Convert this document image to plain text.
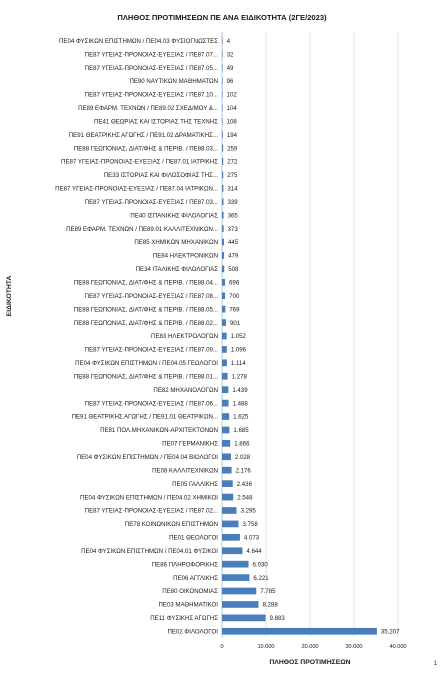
ΠΛΗΘΟΣ ΠΡΟΤΙΜΗΣΕΩΝ ΠΕ ΑΝΑ ΕΙΔΙΚΟΤΗΤΑ (2ΓΕ/2023)
ΠΕ04 ΦΥΣΙΚΩΝ ΕΠΙΣΤΗΜΩΝ / ΠΕ04.03 ΦΥΣΙΟΓΝΩΣΤΕΣ
ΠΕ87 ΥΓΕΙΑΣ-ΠΡΟΝΟΙΑΣ-ΕΥΕΞΙΑΣ / ΠΕ87.07...
ΠΕ87 ΥΓΕΙΑΣ-ΠΡΟΝΟΙΑΣ-ΕΥΕΞΙΑΣ / ΠΕ87.05...
ΠΕ90 ΝΑΥΤΙΚΩΝ ΜΑΘΗΜΑΤΩΝ
ΠΕ87 ΥΓΕΙΑΣ-ΠΡΟΝΟΙΑΣ-ΕΥΕΞΙΑΣ / ΠΕ87.10...
ΠΕ89 ΕΦΑΡΜ. ΤΕΧΝΩΝ / ΠΕ89.02 ΣΧΕΔ/ΜΟΥ &...
ΠΕ41 ΘΕΩΡΙΑΣ ΚΑΙ ΙΣΤΟΡΙΑΣ ΤΗΣ ΤΕΧΝΗΣ
ΠΕ91 ΘΕΑΤΡΙΚΗΣ ΑΓΩΓΗΣ / ΠΕ91.02 ΔΡΑΜΑΤΙΚΗΣ...
ΠΕ88 ΓΕΩΠΟΝΙΑΣ, ΔΙΑΤ/ΦΗΣ & ΠΕΡΙΒ. / ΠΕ88.03...
ΠΕ87 ΥΓΕΙΑΣ-ΠΡΟΝΟΙΑΣ-ΕΥΕΞΙΑΣ / ΠΕ87.01 ΙΑΤΡΙΚΗΣ
ΠΕ33 ΙΣΤΟΡΙΑΣ ΚΑΙ ΦΙΛΟΣΟΦΙΑΣ ΤΗΣ...
ΠΕ87 ΥΓΕΙΑΣ-ΠΡΟΝΟΙΑΣ-ΕΥΕΞΙΑΣ / ΠΕ87.04 ΙΑΤΡΙΚΩΝ...
ΠΕ87 ΥΓΕΙΑΣ-ΠΡΟΝΟΙΑΣ-ΕΥΕΞΙΑΣ / ΠΕ87.03...
ΠΕ40 ΙΣΠΑΝΙΚΗΣ ΦΙΛΟΛΟΓΙΑΣ
ΠΕ89 ΕΦΑΡΜ. ΤΕΧΝΩΝ / ΠΕ89.01 ΚΑΛΛΙΤΕΧΝΙΚΩΝ...
ΠΕ85 ΧΗΜΙΚΩΝ ΜΗΧΑΝΙΚΩΝ
ΠΕ84 ΗΛΕΚΤΡΟΝΙΚΩΝ
ΠΕ34 ΙΤΑΛΙΚΗΣ ΦΙΛΟΛΟΓΙΑΣ
ΠΕ88 ΓΕΩΠΟΝΙΑΣ, ΔΙΑΤ/ΦΗΣ & ΠΕΡΙΒ. / ΠΕ88.04...
ΠΕ87 ΥΓΕΙΑΣ-ΠΡΟΝΟΙΑΣ-ΕΥΕΞΙΑΣ / ΠΕ87.08...
ΠΕ88 ΓΕΩΠΟΝΙΑΣ, ΔΙΑΤ/ΦΗΣ & ΠΕΡΙΒ. / ΠΕ88.05...
ΠΕ88 ΓΕΩΠΟΝΙΑΣ, ΔΙΑΤ/ΦΗΣ & ΠΕΡΙΒ. / ΠΕ88.02...
ΠΕ83 ΗΛΕΚΤΡΟΛΟΓΩΝ
ΠΕ87 ΥΓΕΙΑΣ-ΠΡΟΝΟΙΑΣ-ΕΥΕΞΙΑΣ / ΠΕ87.09...
ΠΕ04 ΦΥΣΙΚΩΝ ΕΠΙΣΤΗΜΩΝ / ΠΕ04.05 ΓΕΩΛΟΓΟΙ
ΠΕ88 ΓΕΩΠΟΝΙΑΣ, ΔΙΑΤ/ΦΗΣ & ΠΕΡΙΒ. / ΠΕ88.01...
ΠΕ82 ΜΗΧΑΝΟΛΟΓΩΝ
ΠΕ87 ΥΓΕΙΑΣ-ΠΡΟΝΟΙΑΣ-ΕΥΕΞΙΑΣ / ΠΕ87.06...
ΠΕ91 ΘΕΑΤΡΙΚΗΣ ΑΓΩΓΗΣ / ΠΕ91.01 ΘΕΑΤΡΙΚΩΝ...
ΠΕ81 ΠΟΛ.ΜΗΧΑΝΙΚΩΝ-ΑΡΧΙΤΕΚΤΟΝΩΝ
ΠΕ07 ΓΕΡΜΑΝΙΚΗΣ
ΠΕ04 ΦΥΣΙΚΩΝ ΕΠΙΣΤΗΜΩΝ / ΠΕ04.04 ΒΙΟΛΟΓΟΙ
ΠΕ08 ΚΑΛΛΙΤΕΧΝΙΚΩΝ
ΠΕ05 ΓΑΛΛΙΚΗΣ
ΠΕ04 ΦΥΣΙΚΩΝ ΕΠΙΣΤΗΜΩΝ / ΠΕ04.02 ΧΗΜΙΚΟΙ
ΠΕ87 ΥΓΕΙΑΣ-ΠΡΟΝΟΙΑΣ-ΕΥΕΞΙΑΣ / ΠΕ87.02...
ΠΕ78 ΚΟΙΝΩΝΙΚΩΝ ΕΠΙΣΤΗΜΩΝ
ΠΕ01 ΘΕΟΛΟΓΟΙ
ΠΕ04 ΦΥΣΙΚΩΝ ΕΠΙΣΤΗΜΩΝ / ΠΕ04.01 ΦΥΣΙΚΟΙ
ΠΕ86 ΠΛΗΡΟΦΟΡΙΚΗΣ
ΠΕ06 ΑΓΓΛΙΚΗΣ
ΠΕ80 ΟΙΚΟΝΟΜΙΑΣ
ΠΕ03 ΜΑΘΗΜΑΤΙΚΟΙ
ΠΕ11 ΦΥΣΙΚΗΣ ΑΓΩΓΗΣ
ΠΕ02 ΦΙΛΟΛΟΓΟΙ
4
32
49
96
102
104
108
194
259
272
275
314
339
365
373
445
479
508
696
700
769
901
1.052
1.096
1.114
1.278
1.439
1.488
1.625
1.685
1.866
2.028
2.176
2.436
2.548
3.295
3.758
4.073
4.644
6.030
6.221
7.785
8.288
9.883
35.207
0	10.000	20.000	30.000	40.000
ΠΛΗΘΟΣ ΠΡΟΤΙΜΗΣΕΩΝ
ΕΙΔΙΚΟΤΗΤΑ
1
